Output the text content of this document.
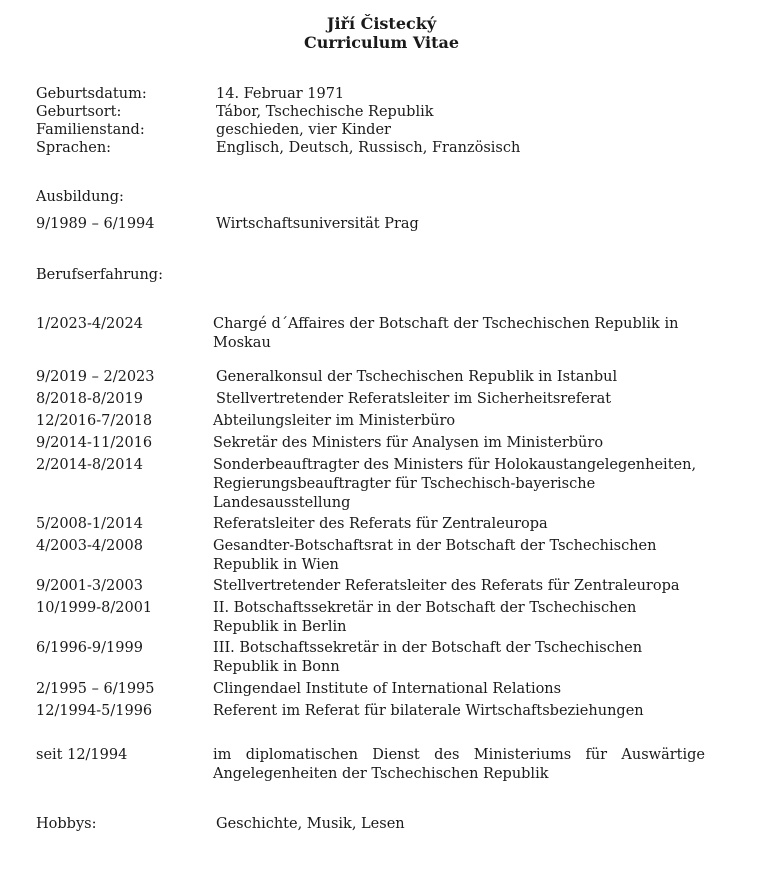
Jiří Čistecký
Curriculum Vitae
Geburtsdatum:	14. Februar 1971
Geburtsort:	Tábor, Tschechische Republik
Familienstand:	geschieden, vier Kinder
Sprachen:	Englisch, Deutsch, Russisch, Französisch
Ausbildung:
9/1989 – 6/1994	Wirtschaftsuniversität Prag
Berufserfahrung:
1/2023-4/2024	Chargé d´Affaires der Botschaft der Tschechischen Republik in Moskau
9/2019 – 2/2023	Generalkonsul der Tschechischen Republik in Istanbul
8/2018-8/2019	Stellvertretender Referatsleiter im Sicherheitsreferat
12/2016-7/2018	Abteilungsleiter im Ministerbüro
9/2014-11/2016	Sekretär des Ministers für Analysen im Ministerbüro
2/2014-8/2014	Sonderbeauftragter des Ministers für Holokaustangelegenheiten, Regierungsbeauftragter für Tschechisch-bayerische Landesausstellung
5/2008-1/2014	Referatsleiter des Referats für Zentraleuropa
4/2003-4/2008	Gesandter-Botschaftsrat in der Botschaft der Tschechischen Republik in Wien
9/2001-3/2003	Stellvertretender Referatsleiter des Referats für Zentraleuropa
10/1999-8/2001	II. Botschaftssekretär in der Botschaft der Tschechischen Republik in Berlin
6/1996-9/1999	III. Botschaftssekretär in der Botschaft der Tschechischen Republik in Bonn
2/1995 – 6/1995	Clingendael Institute of International Relations
12/1994-5/1996	Referent im Referat für bilaterale Wirtschaftsbeziehungen
seit 12/1994	im diplomatischen Dienst des Ministeriums für Auswärtige Angelegenheiten der Tschechischen Republik
Hobbys:	Geschichte, Musik, Lesen
